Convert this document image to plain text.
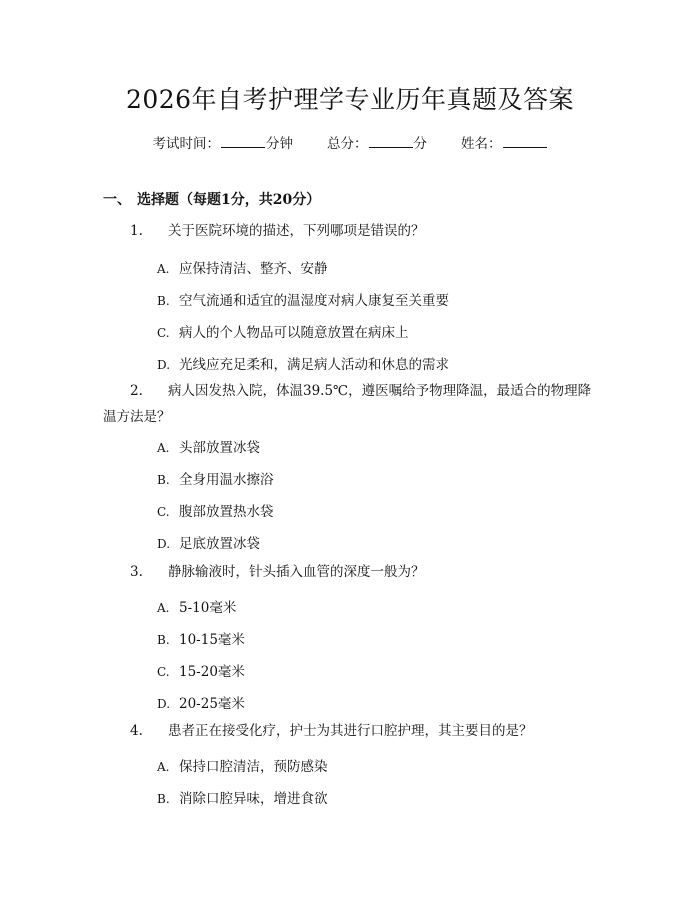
2026年自考护理学专业历年真题及答案
考试时间：	分钟	总分：	分	姓名：
一、 选择题（每题1分，共20分）
1. 关于医院环境的描述，下列哪项是错误的？
A. 应保持清洁、整齐、安静
B. 空气流通和适宜的温湿度对病人康复至关重要
C. 病人的个人物品可以随意放置在病床上
D. 光线应充足柔和，满足病人活动和休息的需求
2. 病人因发热入院，体温39.5℃，遵医嘱给予物理降温，最适合的物理降温方法是？
A. 头部放置冰袋
B. 全身用温水擦浴
C. 腹部放置热水袋
D. 足底放置冰袋
3. 静脉输液时，针头插入血管的深度一般为？
A. 5-10毫米
B. 10-15毫米
C. 15-20毫米
D. 20-25毫米
4. 患者正在接受化疗，护士为其进行口腔护理，其主要目的是？
A. 保持口腔清洁，预防感染
B. 消除口腔异味，增进食欲
